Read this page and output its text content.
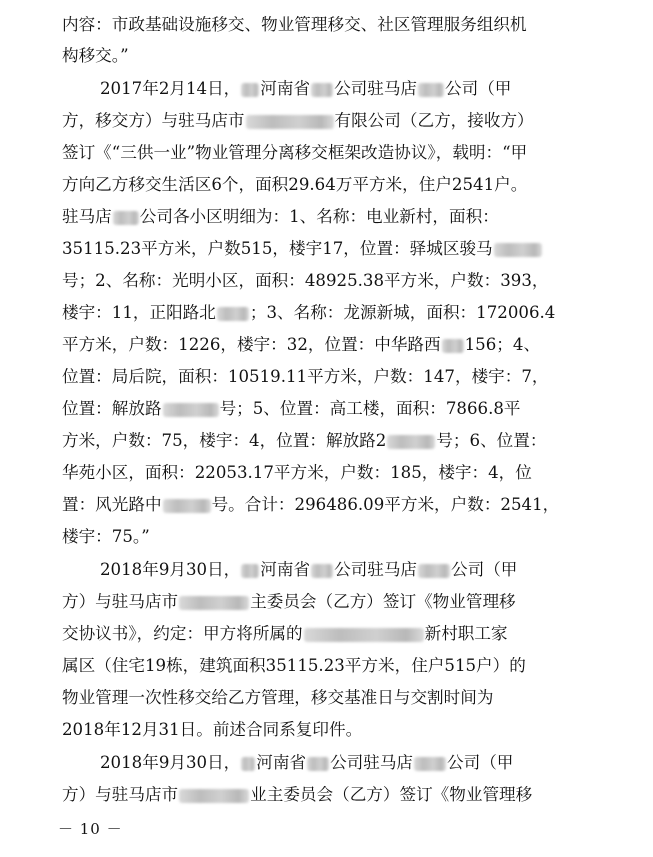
内容：市政基础设施移交、物业管理移交、社区管理服务组织机
构移交。”
2017年2月14日， 河南省 公司驻马店 公司（甲
方，移交方）与驻马店市	有限公司（乙方，接收方）
签订《“三供一业”物业管理分离移交框架改造协议》，载明：“甲
方向乙方移交生活区6个，面积29.64万平方米，住户2541户。
驻马店 公司各小区明细为：1、名称：电业新村，面积：
35115.23平方米，户数515，楼宇17，位置：驿城区骏马
号；2、名称：光明小区，面积：48925.38平方米，户数：393，
楼宇：11，正阳路北 ；3、名称：龙源新城，面积：172006.4
平方米，户数：1226，楼宇：32，位置：中华路西 156；4、
位置：局后院，面积：10519.11平方米，户数：147，楼宇：7，
位置：解放路	号；5、位置：高工楼，面积：7866.8平
方米，户数：75，楼宇：4，位置：解放路2	号；6、位置：
华苑小区，面积：22053.17平方米，户数：185，楼宇：4，位
置：风光路中	号。合计：296486.09平方米，户数：2541，
楼宇：75。”
2018年9月30日， 河南省 公司驻马店 公司（甲
方）与驻马店市	主委员会（乙方）签订《物业管理移
交协议书》，约定：甲方将所属的	新村职工家
属区（住宅19栋，建筑面积35115.23平方米，住户515户）的
物业管理一次性移交给乙方管理，移交基准日与交割时间为
2018年12月31日。前述合同系复印件。
2018年9月30日， 河南省 公司驻马店 公司（甲
方）与驻马店市	业主委员会（乙方）签订《物业管理移
－ 10 －
